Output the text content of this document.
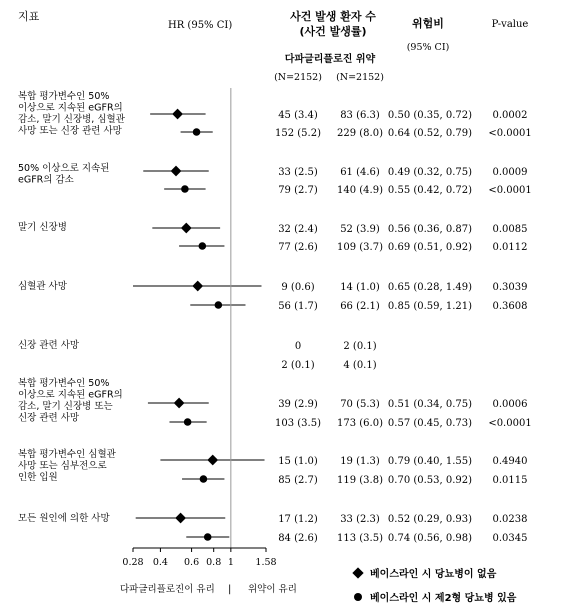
지표
HR (95% CI)
사건 발생 환자 수
(사건 발생률)
위험비
(95% CI)
P-value
다파글리플로진 위약
(N=2152) (N=2152)
복합 평가변수인 50%
이상으로 지속된 eGFR의
감소, 말기 신장병, 심혈관
사망 또는 신장 관련 사망
45 (3.4) 83 (6.3) 0.50 (0.35, 0.72) 0.0002
152 (5.2) 229 (8.0) 0.64 (0.52, 0.79) <0.0001
50% 이상으로 지속된
eGFR의 감소
33 (2.5) 61 (4.6) 0.49 (0.32, 0.75) 0.0009
79 (2.7) 140 (4.9) 0.55 (0.42, 0.72) <0.0001
말기 신장병	32 (2.4) 52 (3.9) 0.56 (0.36, 0.87) 0.0085
77 (2.6) 109 (3.7) 0.69 (0.51, 0.92) 0.0112
심혈관 사망	9 (0.6)	14 (1.0) 0.65 (0.28, 1.49) 0.3039
56 (1.7) 66 (2.1) 0.85 (0.59, 1.21) 0.3608
신장 관련 사망	0	2 (0.1)
2 (0.1)	4 (0.1)
복합 평가변수인 50%
이상으로 지속된 eGFR의
감소, 말기 신장병 또는
신장 관련 사망
39 (2.9) 70 (5.3) 0.51 (0.34, 0.75) 0.0006
103 (3.5) 173 (6.0) 0.57 (0.45, 0.73) <0.0001
복합 평가변수인 심혈관
사망 또는 심부전으로
인한 입원
15 (1.0) 19 (1.3) 0.79 (0.40, 1.55) 0.4940
85 (2.7) 119 (3.8) 0.70 (0.53, 0.92) 0.0115
모든 원인에 의한 사망	17 (1.2) 33 (2.3) 0.52 (0.29, 0.93) 0.0238
84 (2.6) 113 (3.5) 0.74 (0.56, 0.98) 0.0345
0.28 0.4 0.6 0.8 1 1.58
다파글리플로진이 유리 | 위약이 유리
베이스라인 시 당뇨병이 없음
베이스라인 시 제2형 당뇨병 있음
